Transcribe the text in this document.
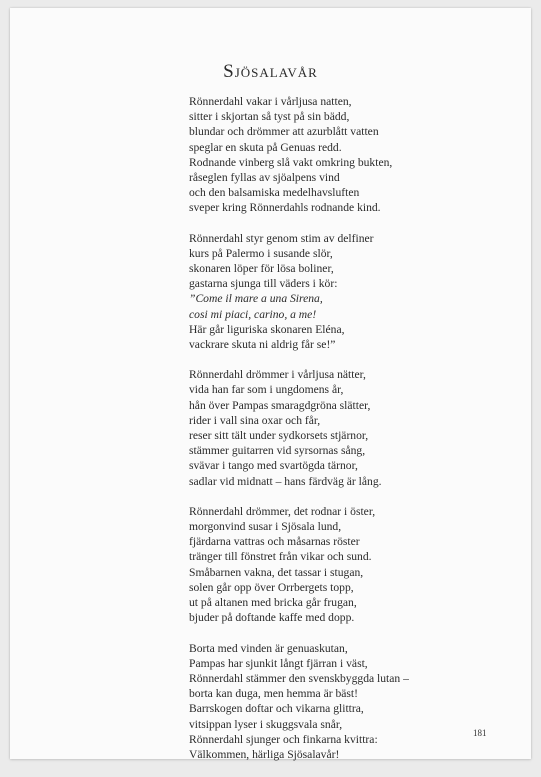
Sjösalavår
Rönnerdahl vakar i vårljusa natten,
sitter i skjortan så tyst på sin bädd,
blundar och drömmer att azurblått vatten
speglar en skuta på Genuas redd.
Rodnande vinberg slå vakt omkring bukten,
råseglen fyllas av sjöalpens vind
och den balsamiska medelhavsluften
sveper kring Rönnerdahls rodnande kind.
Rönnerdahl styr genom stim av delfiner
kurs på Palermo i susande slör,
skonaren löper för lösa boliner,
gastarna sjunga till väders i kör:
”Come il mare a una Sirena,
cosi mi piaci, carino, a me!
Här går liguriska skonaren Eléna,
vackrare skuta ni aldrig får se!”
Rönnerdahl drömmer i vårljusa nätter,
vida han far som i ungdomens år,
hån över Pampas smaragdgröna slätter,
rider i vall sina oxar och får,
reser sitt tält under sydkorsets stjärnor,
stämmer guitarren vid syrsornas sång,
svävar i tango med svartögda tärnor,
sadlar vid midnatt – hans färdväg är lång.
Rönnerdahl drömmer, det rodnar i öster,
morgonvind susar i Sjösala lund,
fjärdarna vattras och måsarnas röster
tränger till fönstret från vikar och sund.
Småbarnen vakna, det tassar i stugan,
solen går opp över Orrbergets topp,
ut på altanen med bricka går frugan,
bjuder på doftande kaffe med dopp.
Borta med vinden är genuaskutan,
Pampas har sjunkit långt fjärran i väst,
Rönnerdahl stämmer den svenskbyggda lutan –
borta kan duga, men hemma är bäst!
Barrskogen doftar och vikarna glittra,
vitsippan lyser i skuggsvala snår,
Rönnerdahl sjunger och finkarna kvittra:
Välkommen, härliga Sjösalavår!
181
